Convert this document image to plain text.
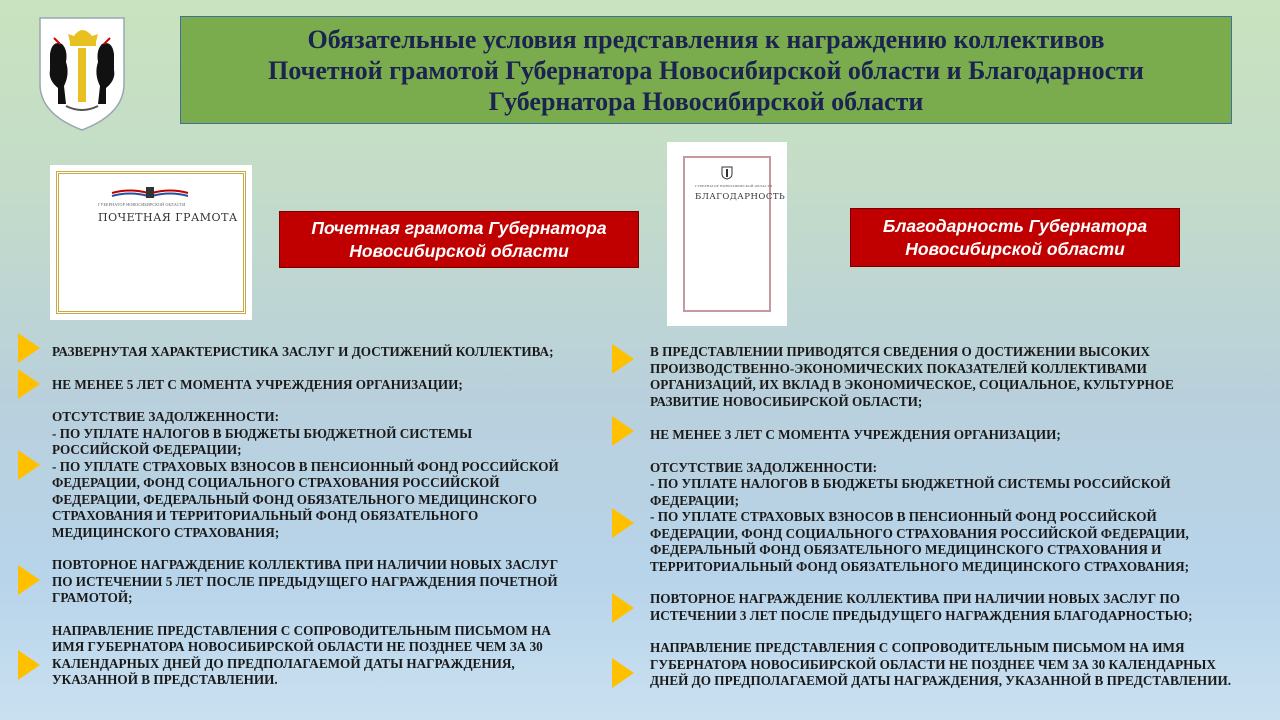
Обязательные условия представления к награждению коллективов
Почетной грамотой Губернатора Новосибирской области и Благодарности
Губернатора Новосибирской области
ГУБЕРНАТОР НОВОСИБИРСКОЙ ОБЛАСТИ
ПОЧЕТНАЯ ГРАМОТА
ГУБЕРНАТОР НОВОСИБИРСКОЙ ОБЛАСТИ
БЛАГОДАРНОСТЬ
Почетная грамота Губернатора
Новосибирской области
Благодарность Губернатора
Новосибирской области

РАЗВЕРНУТАЯ ХАРАКТЕРИСТИКА ЗАСЛУГ И ДОСТИЖЕНИЙ КОЛЛЕКТИВА;

НЕ МЕНЕЕ 5 ЛЕТ С МОМЕНТА УЧРЕЖДЕНИЯ ОРГАНИЗАЦИИ;

ОТСУТСТВИЕ ЗАДОЛЖЕННОСТИ:
- ПО УПЛАТЕ НАЛОГОВ В БЮДЖЕТЫ БЮДЖЕТНОЙ СИСТЕМЫ
РОССИЙСКОЙ ФЕДЕРАЦИИ;
- ПО УПЛАТЕ СТРАХОВЫХ ВЗНОСОВ В ПЕНСИОННЫЙ ФОНД РОССИЙСКОЙ
ФЕДЕРАЦИИ, ФОНД СОЦИАЛЬНОГО СТРАХОВАНИЯ РОССИЙСКОЙ
ФЕДЕРАЦИИ, ФЕДЕРАЛЬНЫЙ ФОНД ОБЯЗАТЕЛЬНОГО МЕДИЦИНСКОГО
СТРАХОВАНИЯ И ТЕРРИТОРИАЛЬНЫЙ ФОНД ОБЯЗАТЕЛЬНОГО
МЕДИЦИНСКОГО СТРАХОВАНИЯ;

ПОВТОРНОЕ НАГРАЖДЕНИЕ КОЛЛЕКТИВА ПРИ НАЛИЧИИ НОВЫХ ЗАСЛУГ
ПО ИСТЕЧЕНИИ 5 ЛЕТ ПОСЛЕ ПРЕДЫДУЩЕГО НАГРАЖДЕНИЯ ПОЧЕТНОЙ
ГРАМОТОЙ;

НАПРАВЛЕНИЕ ПРЕДСТАВЛЕНИЯ С СОПРОВОДИТЕЛЬНЫМ ПИСЬМОМ НА
ИМЯ ГУБЕРНАТОРА НОВОСИБИРСКОЙ ОБЛАСТИ НЕ ПОЗДНЕЕ ЧЕМ ЗА 30
КАЛЕНДАРНЫХ ДНЕЙ ДО ПРЕДПОЛАГАЕМОЙ ДАТЫ НАГРАЖДЕНИЯ,
УКАЗАННОЙ В ПРЕДСТАВЛЕНИИ.

В ПРЕДСТАВЛЕНИИ ПРИВОДЯТСЯ СВЕДЕНИЯ О ДОСТИЖЕНИИ ВЫСОКИХ
ПРОИЗВОДСТВЕННО-ЭКОНОМИЧЕСКИХ ПОКАЗАТЕЛЕЙ КОЛЛЕКТИВАМИ
ОРГАНИЗАЦИЙ, ИХ ВКЛАД В ЭКОНОМИЧЕСКОЕ, СОЦИАЛЬНОЕ, КУЛЬТУРНОЕ
РАЗВИТИЕ НОВОСИБИРСКОЙ ОБЛАСТИ;

НЕ МЕНЕЕ 3 ЛЕТ С МОМЕНТА УЧРЕЖДЕНИЯ ОРГАНИЗАЦИИ;

ОТСУТСТВИЕ ЗАДОЛЖЕННОСТИ:
- ПО УПЛАТЕ НАЛОГОВ В БЮДЖЕТЫ БЮДЖЕТНОЙ СИСТЕМЫ РОССИЙСКОЙ
ФЕДЕРАЦИИ;
- ПО УПЛАТЕ СТРАХОВЫХ ВЗНОСОВ В ПЕНСИОННЫЙ ФОНД РОССИЙСКОЙ
ФЕДЕРАЦИИ, ФОНД СОЦИАЛЬНОГО СТРАХОВАНИЯ РОССИЙСКОЙ ФЕДЕРАЦИИ,
ФЕДЕРАЛЬНЫЙ ФОНД ОБЯЗАТЕЛЬНОГО МЕДИЦИНСКОГО СТРАХОВАНИЯ И
ТЕРРИТОРИАЛЬНЫЙ ФОНД ОБЯЗАТЕЛЬНОГО МЕДИЦИНСКОГО СТРАХОВАНИЯ;

ПОВТОРНОЕ НАГРАЖДЕНИЕ КОЛЛЕКТИВА ПРИ НАЛИЧИИ НОВЫХ ЗАСЛУГ ПО
ИСТЕЧЕНИИ 3 ЛЕТ ПОСЛЕ ПРЕДЫДУЩЕГО НАГРАЖДЕНИЯ БЛАГОДАРНОСТЬЮ;

НАПРАВЛЕНИЕ ПРЕДСТАВЛЕНИЯ С СОПРОВОДИТЕЛЬНЫМ ПИСЬМОМ НА ИМЯ
ГУБЕРНАТОРА НОВОСИБИРСКОЙ ОБЛАСТИ НЕ ПОЗДНЕЕ ЧЕМ ЗА 30 КАЛЕНДАРНЫХ
ДНЕЙ ДО ПРЕДПОЛАГАЕМОЙ ДАТЫ НАГРАЖДЕНИЯ, УКАЗАННОЙ В ПРЕДСТАВЛЕНИИ.
